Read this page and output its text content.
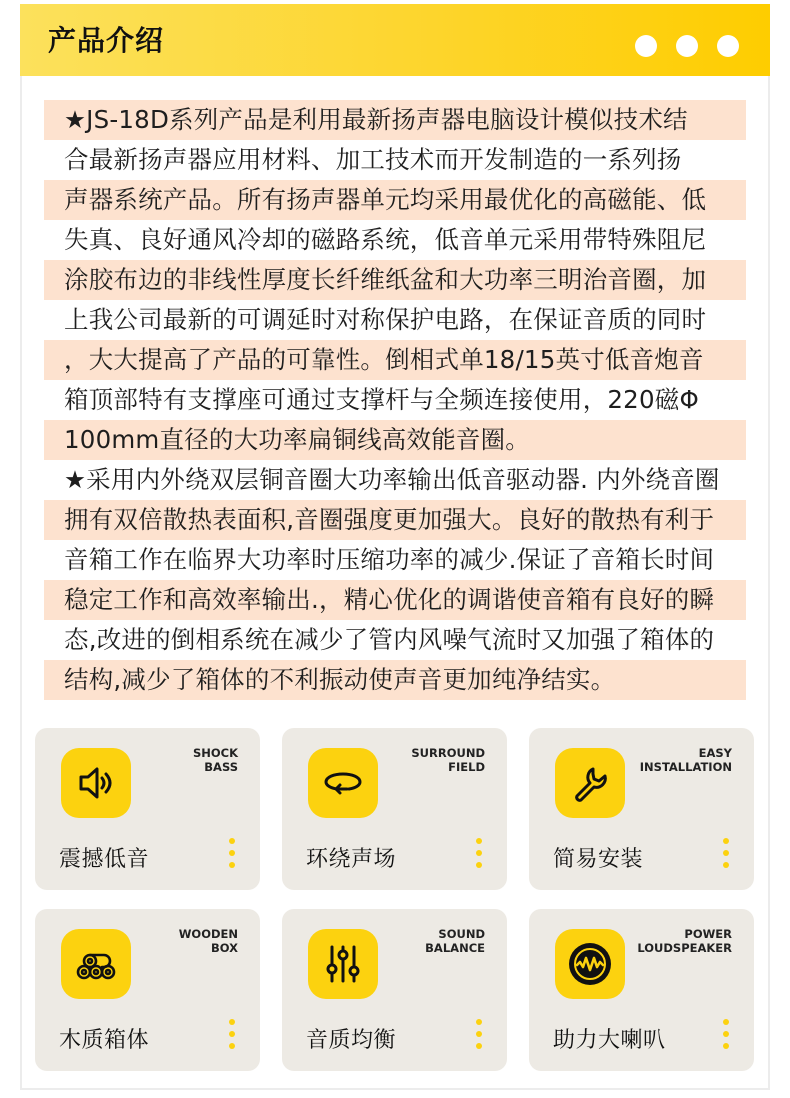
产品介绍
★JS-18D系列产品是利用最新扬声器电脑设计模似技术结
合最新扬声器应用材料、加工技术而开发制造的一系列扬
声器系统产品。所有扬声器单元均采用最优化的高磁能、低
失真、良好通风冷却的磁路系统，低音单元采用带特殊阻尼
涂胶布边的非线性厚度长纤维纸盆和大功率三明治音圈，加
上我公司最新的可调延时对称保护电路，在保证音质的同时
，大大提高了产品的可靠性。倒相式单18/15英寸低音炮音
箱顶部特有支撑座可通过支撑杆与全频连接使用，220磁Φ
100mm直径的大功率扁铜线高效能音圈。
★采用内外绕双层铜音圈大功率输出低音驱动器. 内外绕音圈
拥有双倍散热表面积,音圈强度更加强大。良好的散热有利于
音箱工作在临界大功率时压缩功率的减少.保证了音箱长时间
稳定工作和高效率输出.，精心优化的调谐使音箱有良好的瞬
态,改进的倒相系统在减少了管内风噪气流时又加强了箱体的
结构,减少了箱体的不利振动使声音更加纯净结实。
SHOCK
BASS
震撼低音
SURROUND
FIELD
环绕声场
EASY
INSTALLATION
简易安装
WOODEN
BOX
木质箱体
SOUND
BALANCE
音质均衡
POWER
LOUDSPEAKER
助力大喇叭
